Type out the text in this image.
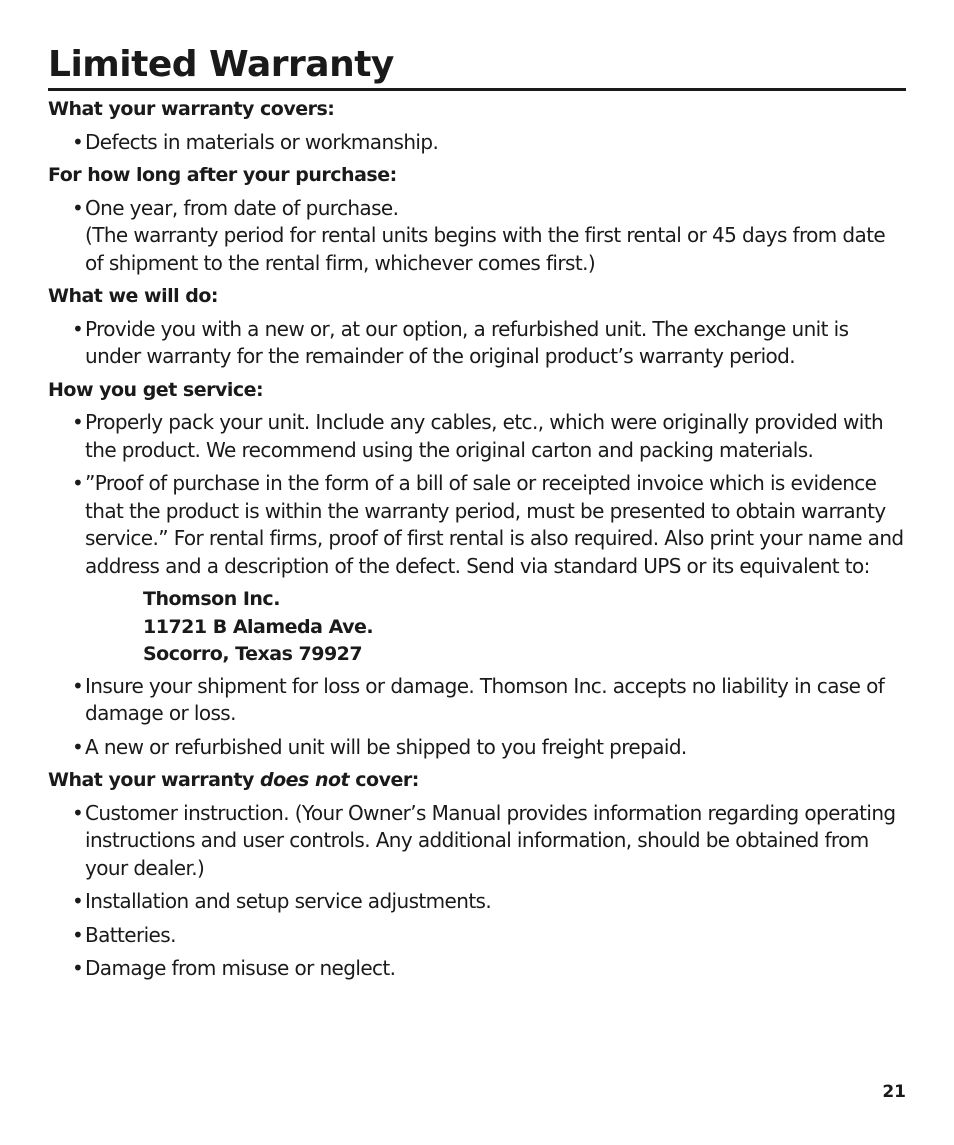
Limited Warranty
What your warranty covers:
• Defects in materials or workmanship.
For how long after your purchase:
• One year, from date of purchase.
(The warranty period for rental units begins with the first rental or 45 days from date of shipment to the rental firm, whichever comes first.)
What we will do:
• Provide you with a new or, at our option, a refurbished unit. The exchange unit is under warranty for the remainder of the original product’s warranty period.
How you get service:
• Properly pack your unit. Include any cables, etc., which were originally provided with the product. We recommend using the original carton and packing materials.
• ”Proof of purchase in the form of a bill of sale or receipted invoice which is evidence that the product is within the warranty period, must be presented to obtain warranty service.” For rental firms, proof of first rental is also required. Also print your name and address and a description of the defect. Send via standard UPS or its equivalent to:
Thomson Inc.
11721 B Alameda Ave.
Socorro, Texas 79927
• Insure your shipment for loss or damage. Thomson Inc. accepts no liability in case of damage or loss.
• A new or refurbished unit will be shipped to you freight prepaid.
What your warranty does not cover:
• Customer instruction. (Your Owner’s Manual provides information regarding operating instructions and user controls. Any additional information, should be obtained from your dealer.)
• Installation and setup service adjustments.
• Batteries.
• Damage from misuse or neglect.
21
